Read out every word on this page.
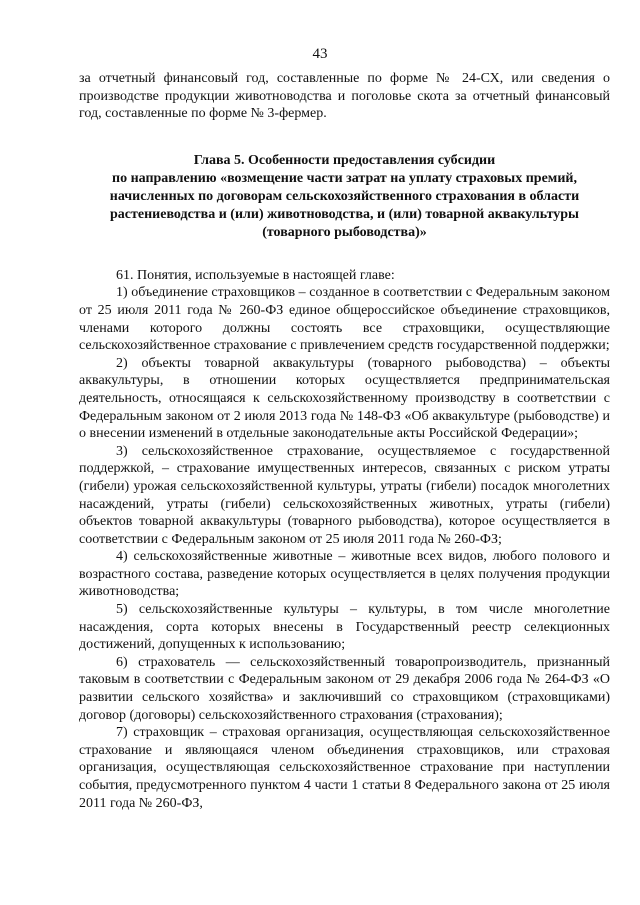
43

за отчетный финансовый год, составленные по форме № 24-СХ, или сведения о производстве продукции животноводства и поголовье скота за отчетный финансовый год, составленные по форме № 3-фермер.

Глава 5. Особенности предоставления субсидии
по направлению «возмещение части затрат на уплату страховых премий,
начисленных по договорам сельскохозяйственного страхования в области
растениеводства и (или) животноводства, и (или) товарной аквакультуры
(товарного рыбоводства)»

61. Понятия, используемые в настоящей главе:

1) объединение страховщиков – созданное в соответствии с Федеральным законом от 25 июля 2011 года № 260-ФЗ единое общероссийское объединение страховщиков, членами которого должны состоять все страховщики, осуществляющие сельскохозяйственное страхование с привлечением средств государственной поддержки;

2) объекты товарной аквакультуры (товарного рыбоводства) – объекты аквакультуры, в отношении которых осуществляется предпринимательская деятельность, относящаяся к сельскохозяйственному производству в соответствии с Федеральным законом от 2 июля 2013 года № 148-ФЗ «Об аквакультуре (рыбоводстве) и о внесении изменений в отдельные законодательные акты Российской Федерации»;

3) сельскохозяйственное страхование, осуществляемое с государственной поддержкой, – страхование имущественных интересов, связанных с риском утраты (гибели) урожая сельскохозяйственной культуры, утраты (гибели) посадок многолетних насаждений, утраты (гибели) сельскохозяйственных животных, утраты (гибели) объектов товарной аквакультуры (товарного рыбоводства), которое осуществляется в соответствии с Федеральным законом от 25 июля 2011 года № 260-ФЗ;

4) сельскохозяйственные животные – животные всех видов, любого полового и возрастного состава, разведение которых осуществляется в целях получения продукции животноводства;

5) сельскохозяйственные культуры – культуры, в том числе многолетние насаждения, сорта которых внесены в Государственный реестр селекционных достижений, допущенных к использованию;

6) страхователь — сельскохозяйственный товаропроизводитель, признанный таковым в соответствии с Федеральным законом от 29 декабря 2006 года № 264-ФЗ «О развитии сельского хозяйства» и заключивший со страховщиком (страховщиками) договор (договоры) сельскохозяйственного страхования (страхования);

7) страховщик – страховая организация, осуществляющая сельскохозяйственное страхование и являющаяся членом объединения страховщиков, или страховая организация, осуществляющая сельскохозяйственное страхование при наступлении события, предусмотренного пунктом 4 части 1 статьи 8 Федерального закона от 25 июля 2011 года № 260-ФЗ,
